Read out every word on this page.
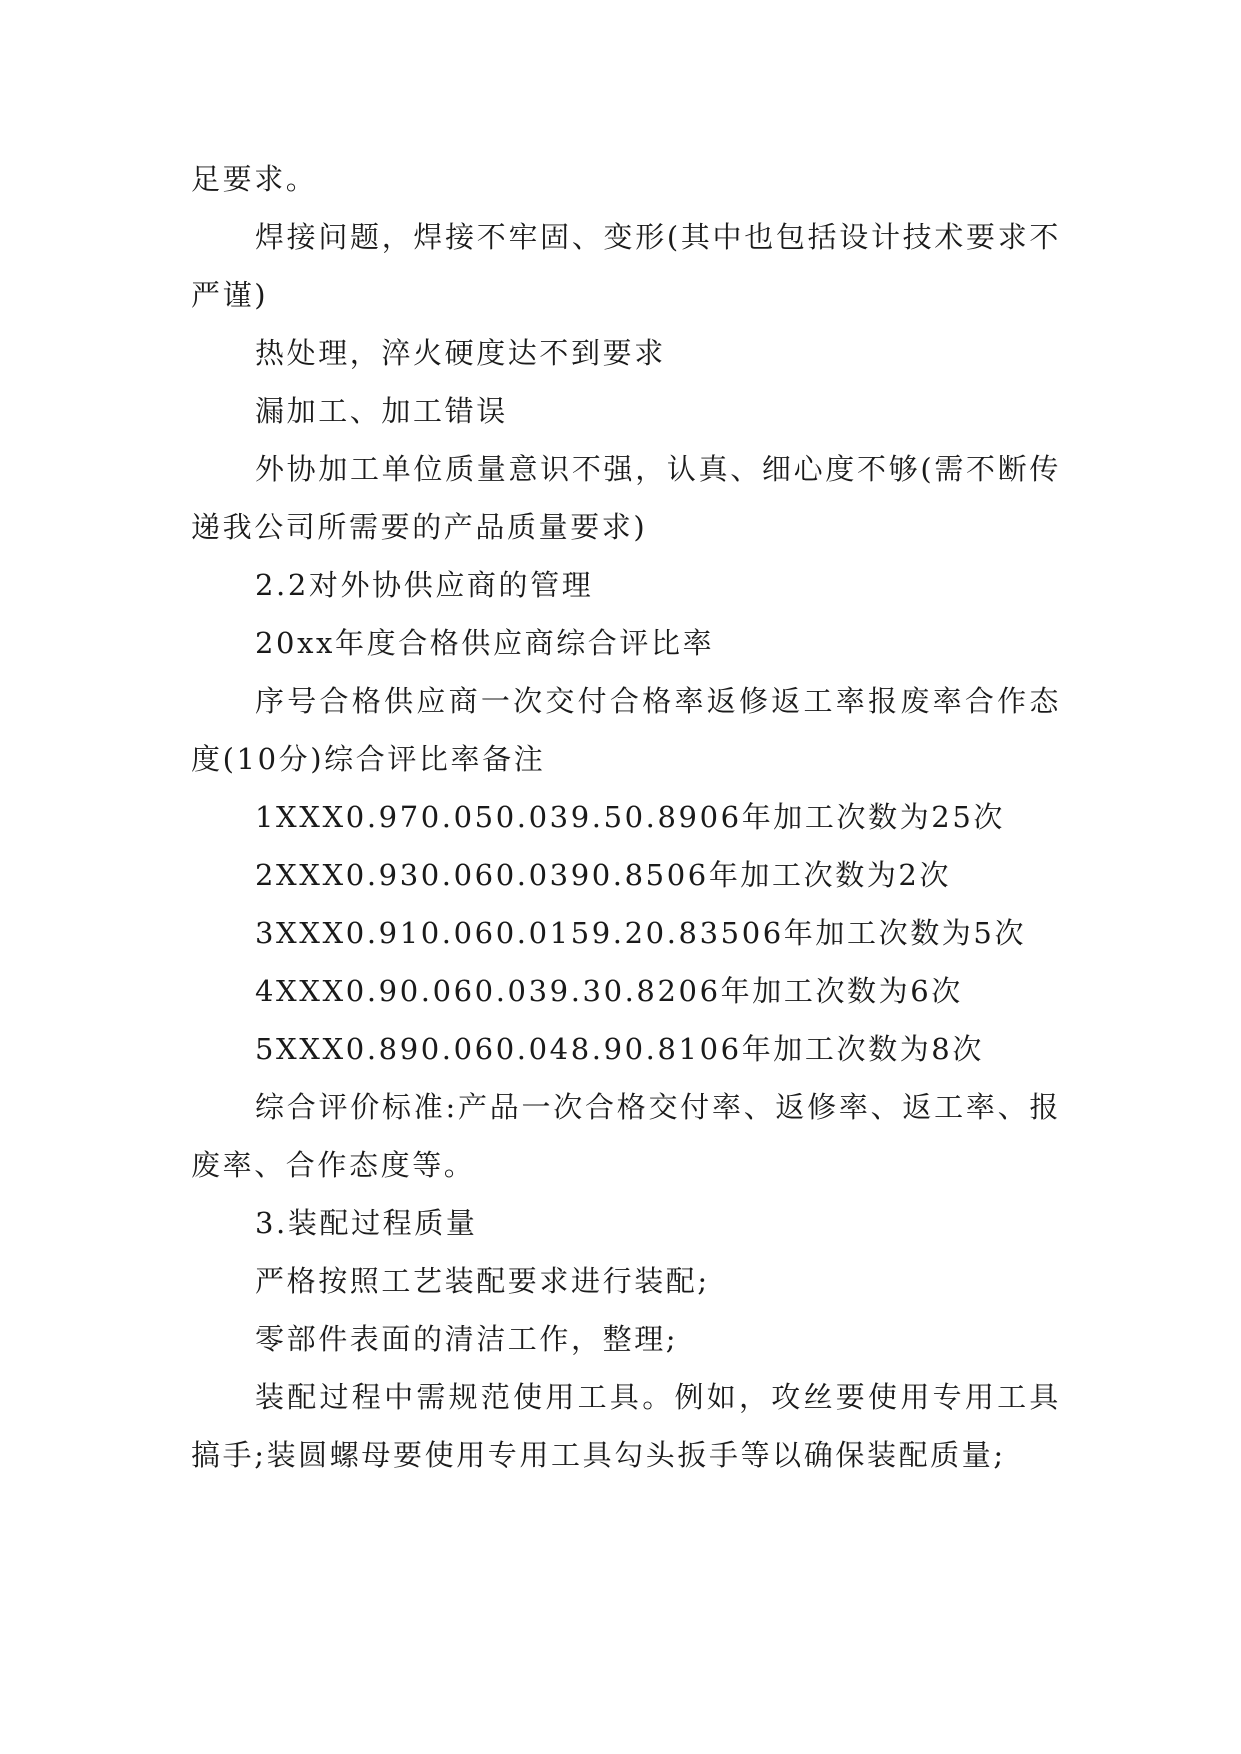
足要求。

焊接问题，焊接不牢固、变形(其中也包括设计技术要求不严谨)

热处理，淬火硬度达不到要求

漏加工、加工错误

外协加工单位质量意识不强，认真、细心度不够(需不断传递我公司所需要的产品质量要求)

2.2对外协供应商的管理

20xx年度合格供应商综合评比率

序号合格供应商一次交付合格率返修返工率报废率合作态度(10分)综合评比率备注

1XXX0.970.050.039.50.8906年加工次数为25次

2XXX0.930.060.0390.8506年加工次数为2次

3XXX0.910.060.0159.20.83506年加工次数为5次

4XXX0.90.060.039.30.8206年加工次数为6次

5XXX0.890.060.048.90.8106年加工次数为8次

综合评价标准:产品一次合格交付率、返修率、返工率、报废率、合作态度等。

3.装配过程质量

严格按照工艺装配要求进行装配;

零部件表面的清洁工作，整理;

装配过程中需规范使用工具。例如，攻丝要使用专用工具搞手;装圆螺母要使用专用工具勾头扳手等以确保装配质量;
